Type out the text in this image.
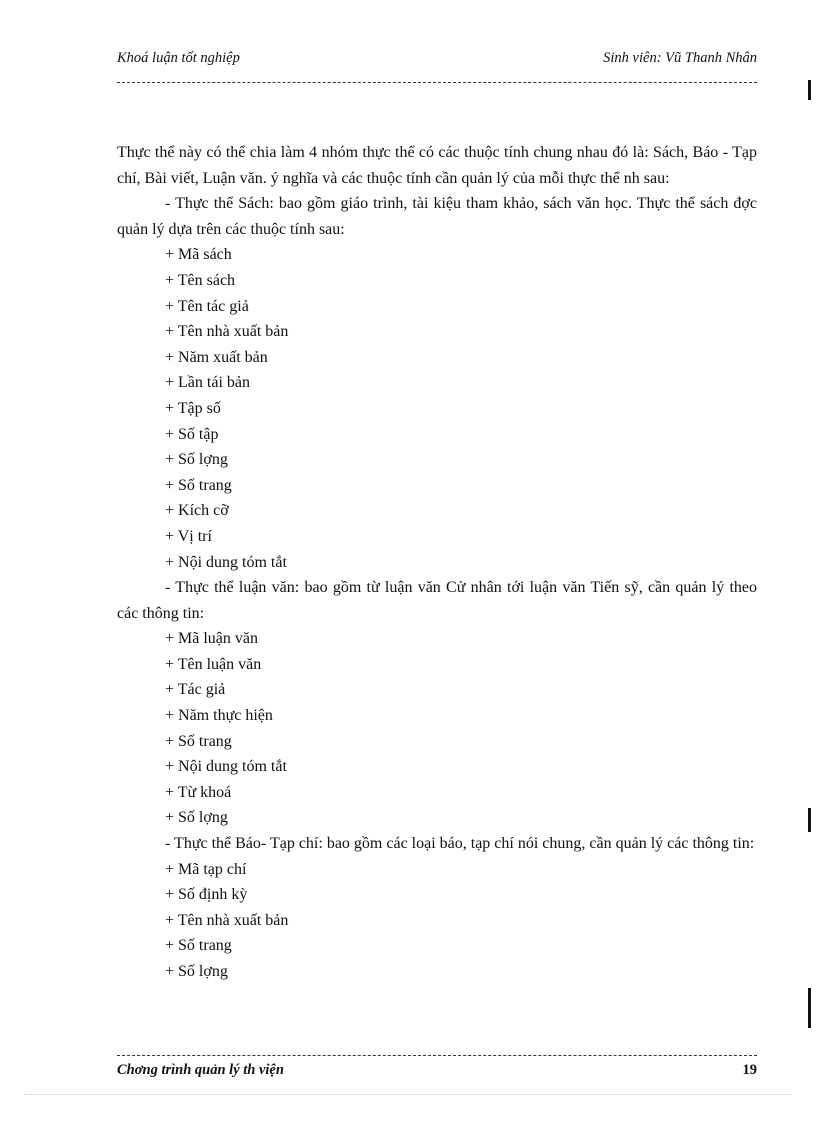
Khoá luận tốt nghiệp	Sinh viên: Vũ Thanh Nhân

Thực thể này có thể chia làm 4 nhóm thực thể có các thuộc tính chung nhau đó là: Sách, Báo - Tạp chí, Bài viết, Luận văn. ý nghĩa và các thuộc tính cần quản lý của mỗi thực thể nh sau:

- Thực thể Sách: bao gồm giáo trình, tài kiệu tham khảo, sách văn học. Thực thể sách đợc quản lý dựa trên các thuộc tính sau:

+ Mã sách

+ Tên sách

+ Tên tác giả

+ Tên nhà xuất bản

+ Năm xuất bản

+ Lần tái bản

+ Tập số

+ Số tập

+ Số lợng

+ Số trang

+ Kích cỡ

+ Vị trí

+ Nội dung tóm tắt

- Thực thể luận văn: bao gồm từ luận văn Cử nhân tới luận văn Tiến sỹ, cần quản lý theo các thông tin:

+ Mã luận văn

+ Tên luận văn

+ Tác giả

+ Năm thực hiện

+ Số trang

+ Nội dung tóm tắt

+ Từ khoá

+ Số lợng

- Thực thể Báo- Tạp chí: bao gồm các loại báo, tạp chí nói chung, cần quản lý các thông tin:

+ Mã tạp chí

+ Số định kỳ

+ Tên nhà xuất bản

+ Số trang

+ Số lợng

Chơng trình quản lý th viện	19
